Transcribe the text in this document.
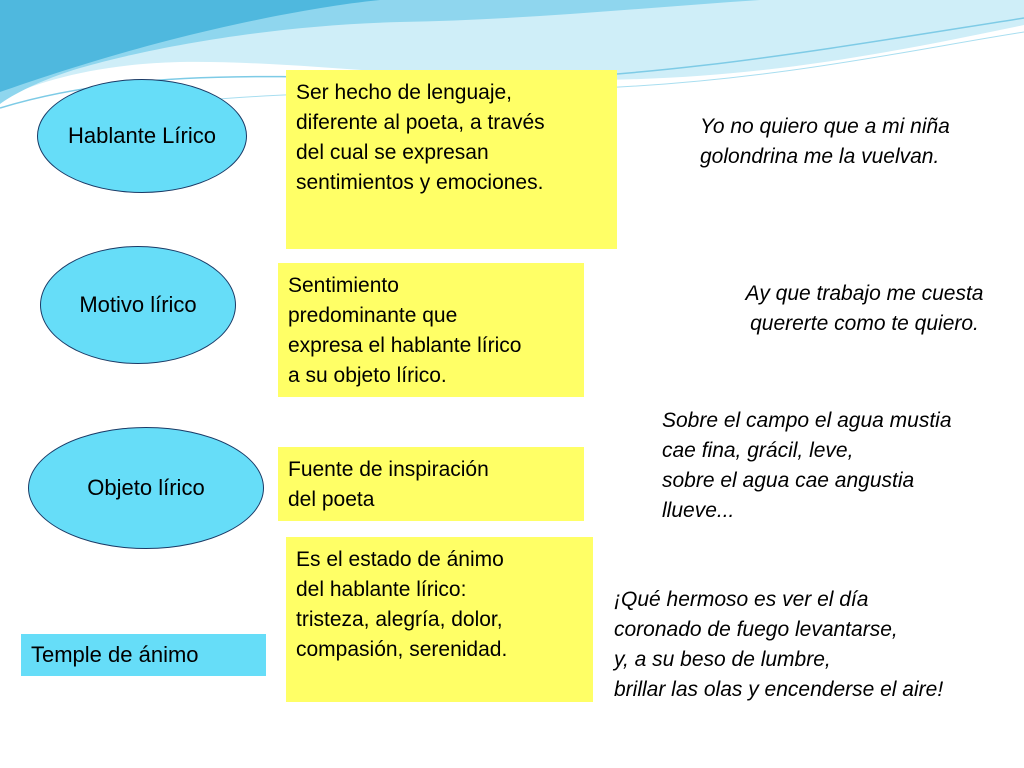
Hablante Lírico
Ser hecho de lenguaje,
diferente al poeta, a través
del cual se expresan
sentimientos y emociones.
Yo no quiero que a mi niña
golondrina me la vuelvan.
Motivo lírico
Sentimiento
predominante que
expresa el hablante lírico
a su objeto lírico.
Ay que trabajo me cuesta
quererte como te quiero.
Objeto lírico
Fuente de inspiración
del poeta
Sobre el campo el agua mustia
cae fina, grácil, leve,
sobre el agua cae angustia
llueve...
Temple de ánimo
Es el estado de ánimo
del hablante lírico:
tristeza, alegría, dolor,
compasión, serenidad.
¡Qué hermoso es ver el día
coronado de fuego levantarse,
y, a su beso de lumbre,
brillar las olas y encenderse el aire!
